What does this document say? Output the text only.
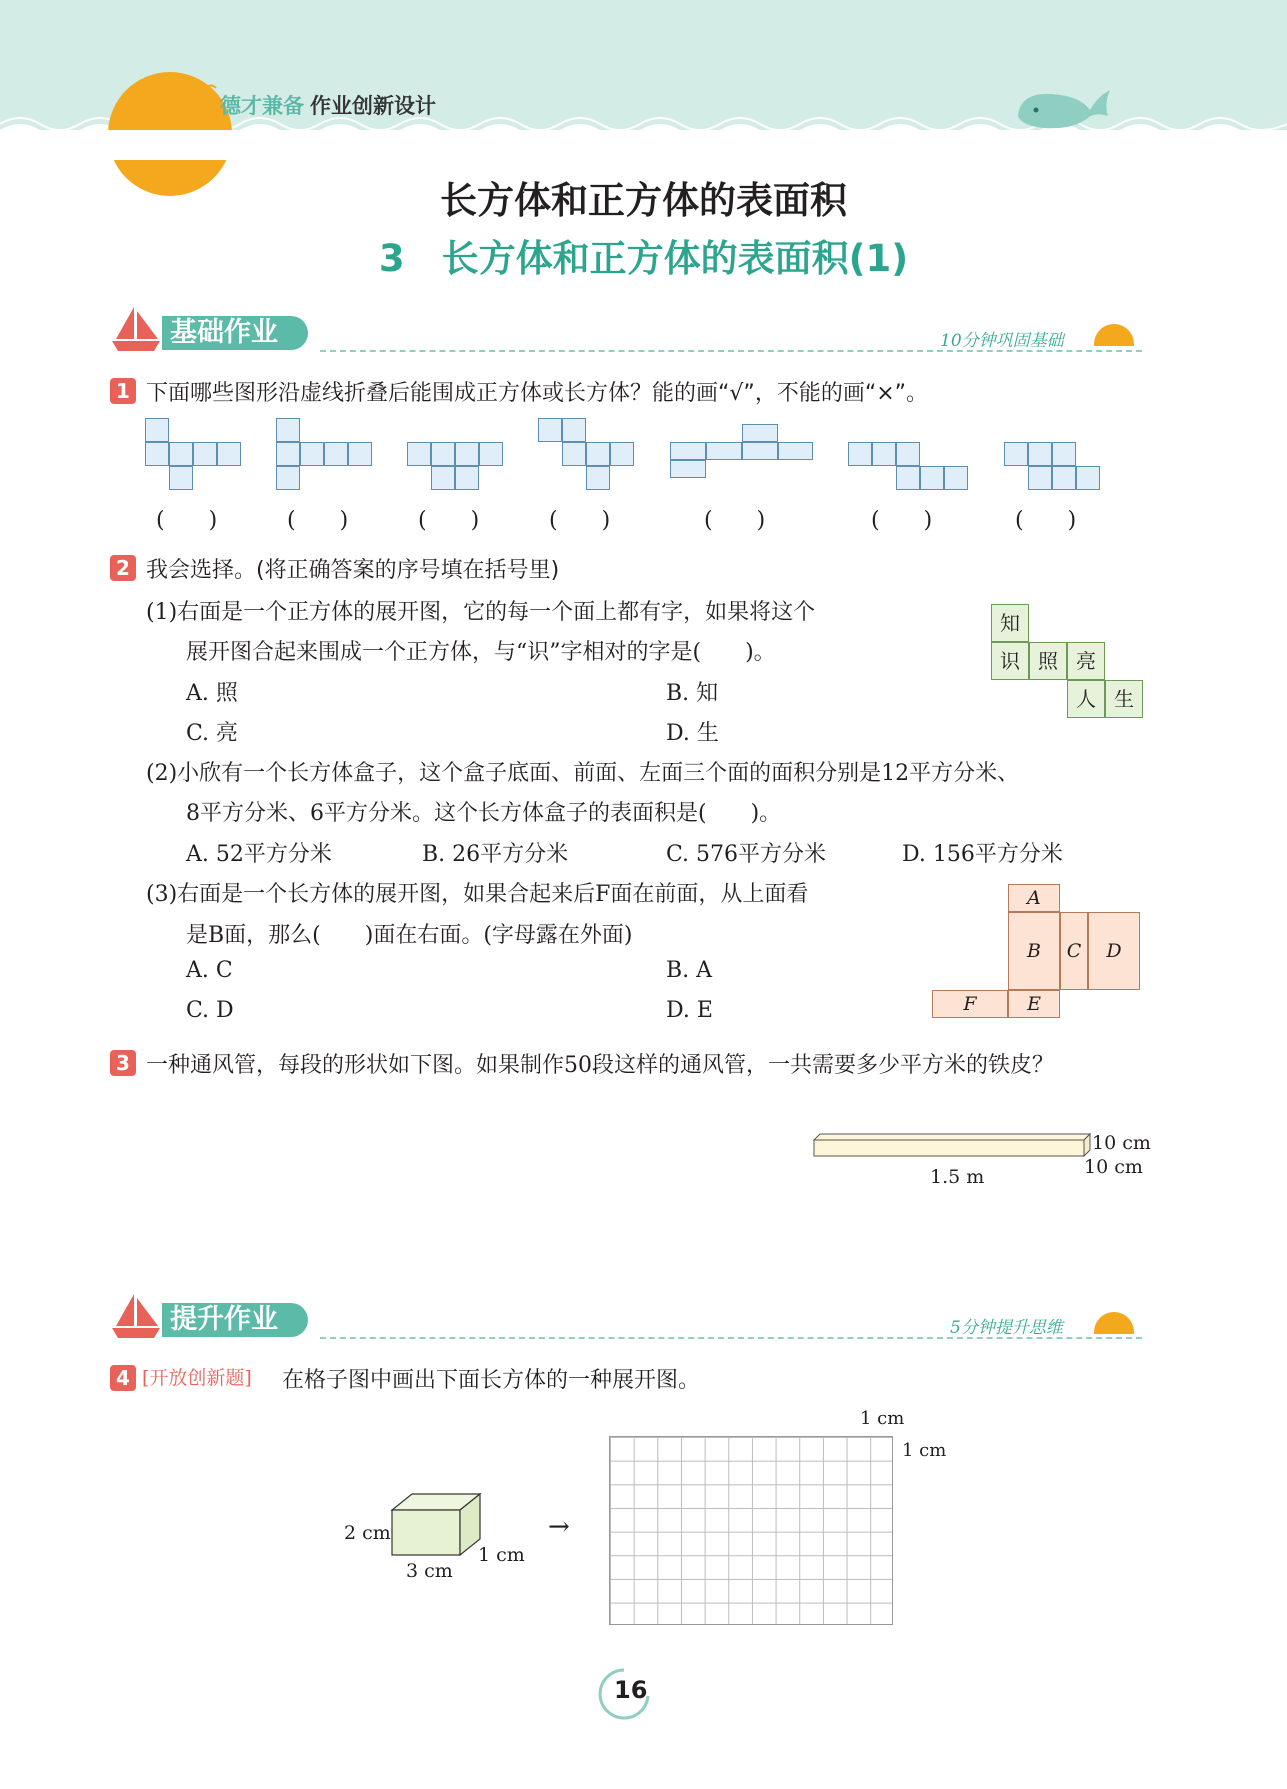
德才兼备 作业创新设计
长方体和正方体的表面积
3　长方体和正方体的表面积(1)
基础作业	10分钟巩固基础
1 下面哪些图形沿虚线折叠后能围成正方体或长方体？能的画“√”，不能的画“×”。
(　　)	(　　)	(　　)	(　　)	(　　)	(　　)	(　　)
2 我会选择。(将正确答案的序号填在括号里)
(1)右面是一个正方体的展开图，它的每一个面上都有字，如果将这个
展开图合起来围成一个正方体，与“识”字相对的字是(　　)。
A. 照	B. 知
C. 亮	D. 生
知
识 照 亮
人 生
(2)小欣有一个长方体盒子，这个盒子底面、前面、左面三个面的面积分别是12平方分米、
8平方分米、6平方分米。这个长方体盒子的表面积是(　　)。
A. 52平方分米	B. 26平方分米	C. 576平方分米	D. 156平方分米
(3)右面是一个长方体的展开图，如果合起来后F面在前面，从上面看
是B面，那么(　　)面在右面。(字母露在外面)
A. C	B. A
C. D	D. E
A
B	C	D
F	E
3 一种通风管，每段的形状如下图。如果制作50段这样的通风管，一共需要多少平方米的铁皮？
10 cm
10 cm
1.5 m
提升作业	5分钟提升思维
4 [开放创新题] 在格子图中画出下面长方体的一种展开图。
2 cm
1 cm
3 cm
→
1 cm
1 cm
16
